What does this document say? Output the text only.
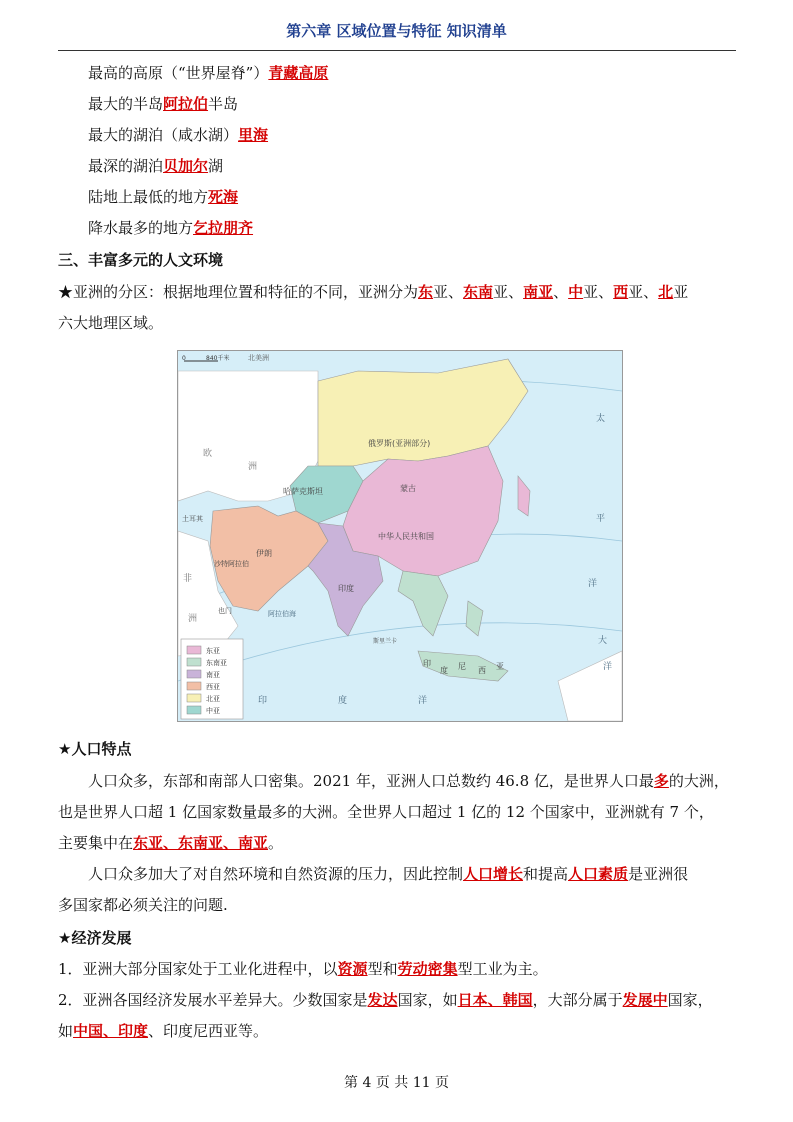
第六章 区域位置与特征 知识清单
最高的高原（“世界屋脊”）青藏高原
最大的半岛阿拉伯半岛
最大的湖泊（咸水湖）里海
最深的湖泊贝加尔湖
陆地上最低的地方死海
降水最多的地方乞拉朋齐
三、丰富多元的人文环境
★亚洲的分区：根据地理位置和特征的不同，亚洲分为东亚、东南亚、南亚、中亚、西亚、北亚
六大地理区域。
0	840千米	北美洲
欧
洲
俄罗斯(亚洲部分)
哈萨克斯坦	蒙古
中华人民共和国
土耳其
伊朗
沙特阿拉伯
也门	阿拉伯海
印度
非
洲
斯里兰卡
印	度	洋
太
平
洋
大
洋
印
度 尼 西 亚
东亚
东南亚
南亚
西亚
北亚
中亚
★人口特点
人口众多，东部和南部人口密集。2021 年，亚洲人口总数约 46.8 亿，是世界人口最多的大洲，
也是世界人口超 1 亿国家数量最多的大洲。全世界人口超过 1 亿的 12 个国家中，亚洲就有 7 个，
主要集中在东亚、东南亚、南亚。
人口众多加大了对自然环境和自然资源的压力，因此控制人口增长和提高人口素质是亚洲很
多国家都必须关注的问题.
★经济发展
1．亚洲大部分国家处于工业化进程中，以资源型和劳动密集型工业为主。
2．亚洲各国经济发展水平差异大。少数国家是发达国家，如日本、韩国，大部分属于发展中国家，
如中国、印度、印度尼西亚等。
第 4 页 共 11 页
